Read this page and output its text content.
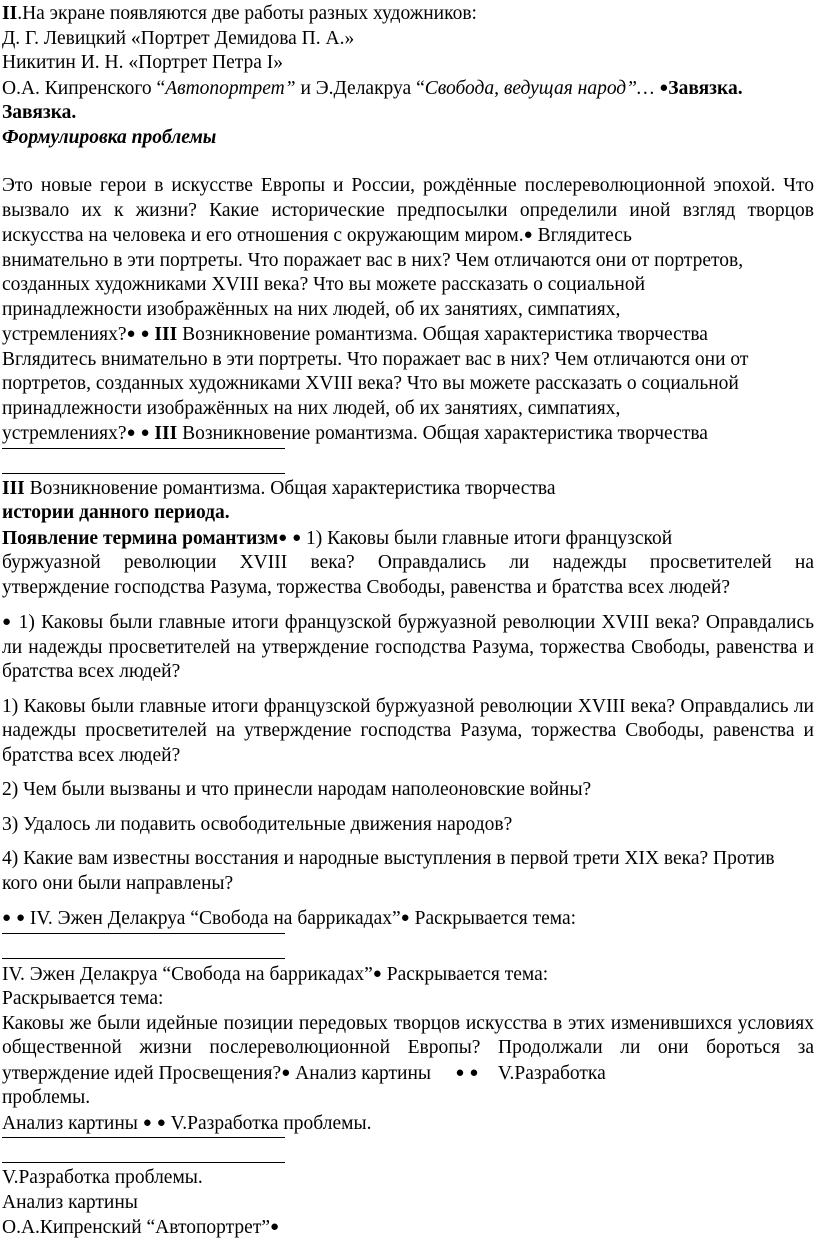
II.На экране появляются две работы разных художников:
Д. Г. Левицкий «Портрет Демидова П. А.»
Никитин И. Н. «Портрет Петра I»
О.А. Кипренского “Автопортрет” и Э.Делакруа “Свобода, ведущая народ”… ●Завязка.
Завязка.
Формулировка проблемы

Это новые герои в искусстве Европы и России, рождённые послереволюционной эпохой. Что вызвало их к жизни? Какие исторические предпосылки определили иной взгляд творцов искусства на человека и его отношения с окружающим миром.● Вглядитесь

внимательно в эти портреты. Что поражает вас в них? Чем отличаются они от портретов,
созданных художниками XVIII века? Что вы можете рассказать о социальной
принадлежности изображённых на них людей, об их занятиях, симпатиях,
устремлениях?● ● III Возникновение романтизма. Общая характеристика творчества
Вглядитесь внимательно в эти портреты. Что поражает вас в них? Чем отличаются они от
портретов, созданных художниками XVIII века? Что вы можете рассказать о социальной
принадлежности изображённых на них людей, об их занятиях, симпатиях,
устремлениях?● ● III Возникновение романтизма. Общая характеристика творчества
III Возникновение романтизма. Общая характеристика творчества
истории данного периода.
Появление термина романтизм● ● 1) Каковы были главные итоги французской
буржуазной революции XVIII века? Оправдались ли надежды просветителей на
утверждение господства Разума, торжества Свободы, равенства и братства всех людей?

● 1) Каковы были главные итоги французской буржуазной революции XVIII века? Оправдались ли надежды просветителей на утверждение господства Разума, торжества Свободы, равенства и братства всех людей?

1) Каковы были главные итоги французской буржуазной революции XVIII века? Оправдались ли надежды просветителей на утверждение господства Разума, торжества Свободы, равенства и братства всех людей?

2) Чем были вызваны и что принесли народам наполеоновские войны?

3) Удалось ли подавить освободительные движения народов?

4) Какие вам известны восстания и народные выступления в первой трети XIX века? Против кого они были направлены?

● ● IV. Эжен Делакруа “Свобода на баррикадах”● Раскрывается тема:
IV. Эжен Делакруа “Свобода на баррикадах”● Раскрывается тема:
Раскрывается тема:

Каковы же были идейные позиции передовых творцов искусства в этих изменившихся условиях общественной жизни послереволюционной Европы? Продолжали ли они бороться за утверждение идей Просвещения?● Анализ картины     ● ●    V.Разработка

проблемы.
Анализ картины ● ● V.Разработка проблемы.
V.Разработка проблемы.
Анализ картины
О.А.Кипренский “Автопортрет”●
